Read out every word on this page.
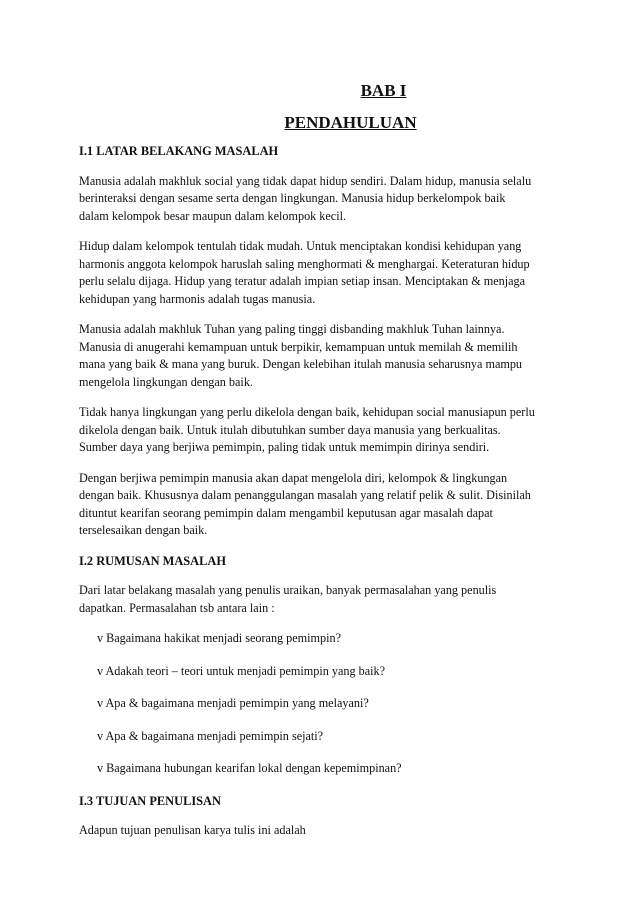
BAB I
PENDAHULUAN
I.1 LATAR BELAKANG MASALAH
Manusia adalah makhluk social yang tidak dapat hidup sendiri. Dalam hidup, manusia selalu
berinteraksi dengan sesame serta dengan lingkungan. Manusia hidup berkelompok baik
dalam kelompok besar maupun dalam kelompok kecil.
Hidup dalam kelompok tentulah tidak mudah. Untuk menciptakan kondisi kehidupan yang
harmonis anggota kelompok haruslah saling menghormati & menghargai. Keteraturan hidup
perlu selalu dijaga. Hidup yang teratur adalah impian setiap insan. Menciptakan & menjaga
kehidupan yang harmonis adalah tugas manusia.
Manusia adalah makhluk Tuhan yang paling tinggi disbanding makhluk Tuhan lainnya.
Manusia di anugerahi kemampuan untuk berpikir, kemampuan untuk memilah & memilih
mana yang baik & mana yang buruk. Dengan kelebihan itulah manusia seharusnya mampu
mengelola lingkungan dengan baik.
Tidak hanya lingkungan yang perlu dikelola dengan baik, kehidupan social manusiapun perlu
dikelola dengan baik. Untuk itulah dibutuhkan sumber daya manusia yang berkualitas.
Sumber daya yang berjiwa pemimpin, paling tidak untuk memimpin dirinya sendiri.
Dengan berjiwa pemimpin manusia akan dapat mengelola diri, kelompok & lingkungan
dengan baik. Khususnya dalam penanggulangan masalah yang relatif pelik & sulit. Disinilah
dituntut kearifan seorang pemimpin dalam mengambil keputusan agar masalah dapat
terselesaikan dengan baik.
I.2 RUMUSAN MASALAH
Dari latar belakang masalah yang penulis uraikan, banyak permasalahan yang penulis
dapatkan. Permasalahan tsb antara lain :
v Bagaimana hakikat menjadi seorang pemimpin?
v Adakah teori – teori untuk menjadi pemimpin yang baik?
v Apa & bagaimana menjadi pemimpin yang melayani?
v Apa & bagaimana menjadi pemimpin sejati?
v Bagaimana hubungan kearifan lokal dengan kepemimpinan?
I.3 TUJUAN PENULISAN
Adapun tujuan penulisan karya tulis ini adalah
